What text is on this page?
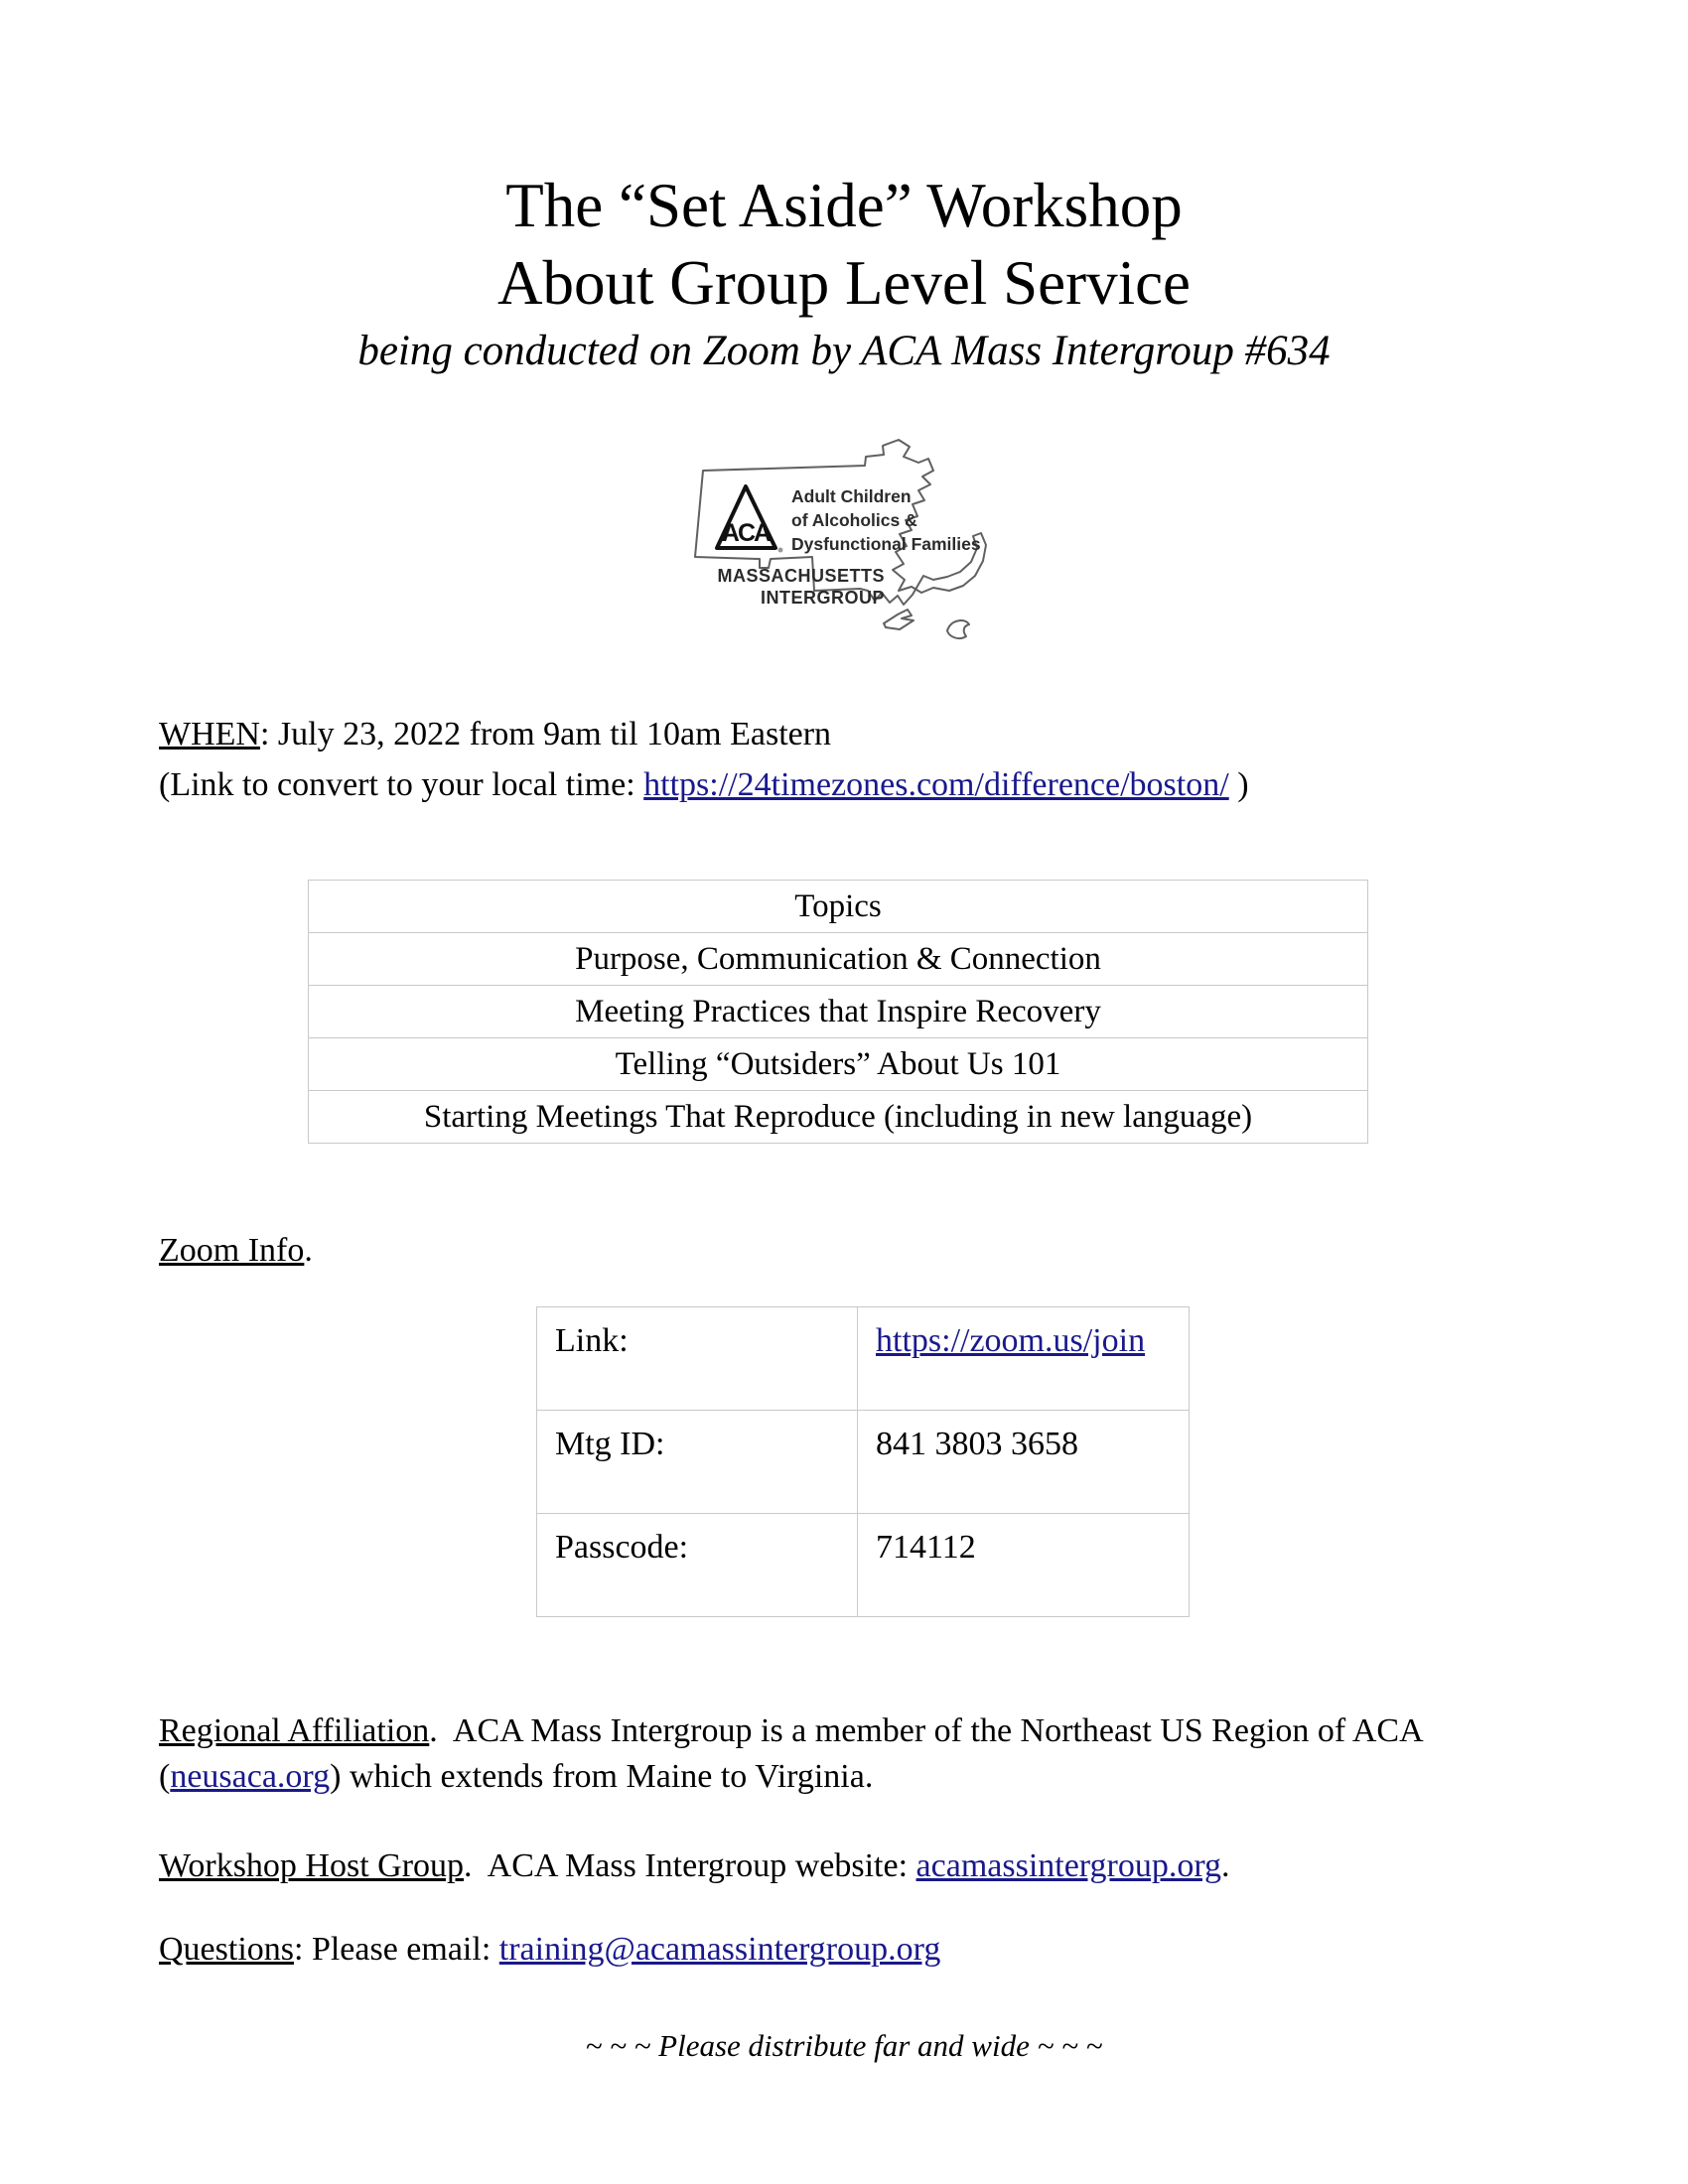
The “Set Aside” Workshop
About Group Level Service
being conducted on Zoom by ACA Mass Intergroup #634
ACA
Adult Children
of Alcoholics &
Dysfunctional Families
MASSACHUSETTS
INTERGROUP

WHEN: July 23, 2022 from 9am til 10am Eastern
(Link to convert to your local time: https://24timezones.com/difference/boston/ )

Topics
Purpose, Communication & Connection
Meeting Practices that Inspire Recovery
Telling “Outsiders” About Us 101
Starting Meetings That Reproduce (including in new language)

Zoom Info.

Link:	https://zoom.us/join
Mtg ID:	841 3803 3658
Passcode:	714112

Regional Affiliation.  ACA Mass Intergroup is a member of the Northeast US Region of ACA (neusaca.org) which extends from Maine to Virginia.

Workshop Host Group.  ACA Mass Intergroup website: acamassintergroup.org.

Questions: Please email: training@acamassintergroup.org

~ ~ ~ Please distribute far and wide ~ ~ ~
